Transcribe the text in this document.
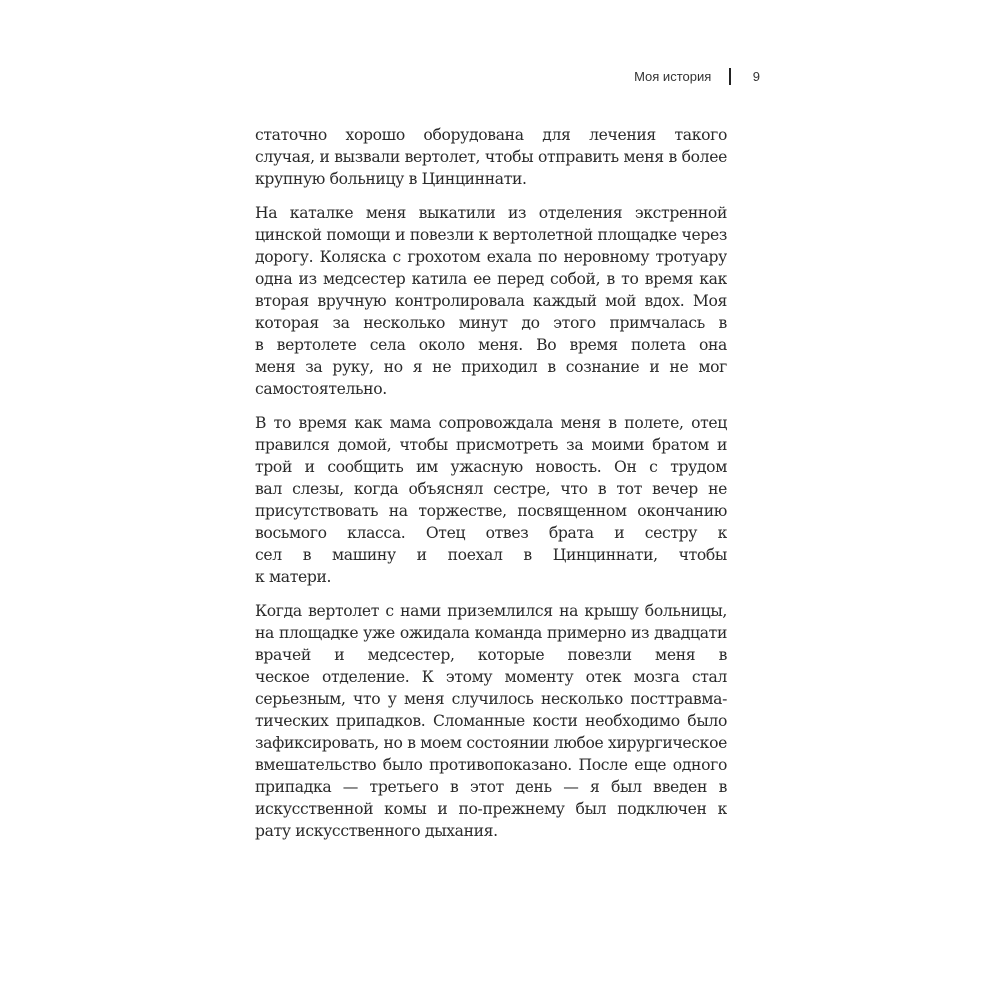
Моя история	9
статочно хорошо оборудована для лечения такого
случая, и вызвали вертолет, чтобы отправить меня в более
крупную больницу в Цинциннати.
На каталке меня выкатили из отделения экстренной
цинской помощи и повезли к вертолетной площадке через
дорогу. Коляска с грохотом ехала по неровному тротуару
одна из медсестер катила ее перед собой, в то время как
вторая вручную контролировала каждый мой вдох. Моя
которая за несколько минут до этого примчалась в
в вертолете села около меня. Во время полета она
меня за руку, но я не приходил в сознание и не мог
самостоятельно.
В то время как мама сопровождала меня в полете, отец
правился домой, чтобы присмотреть за моими братом и
трой и сообщить им ужасную новость. Он с трудом
вал слезы, когда объяснял сестре, что в тот вечер не
присутствовать на торжестве, посвященном окончанию
восьмого класса. Отец отвез брата и сестру к
сел в машину и поехал в Цинциннати, чтобы
к матери.
Когда вертолет с нами приземлился на крышу больницы,
на площадке уже ожидала команда примерно из двадцати
врачей и медсестер, которые повезли меня в
ческое отделение. К этому моменту отек мозга стал
серьезным, что у меня случилось несколько посттравма-
тических припадков. Сломанные кости необходимо было
зафиксировать, но в моем состоянии любое хирургическое
вмешательство было противопоказано. После еще одного
припадка — третьего в этот день — я был введен в
искусственной комы и по-прежнему был подключен к
рату искусственного дыхания.
